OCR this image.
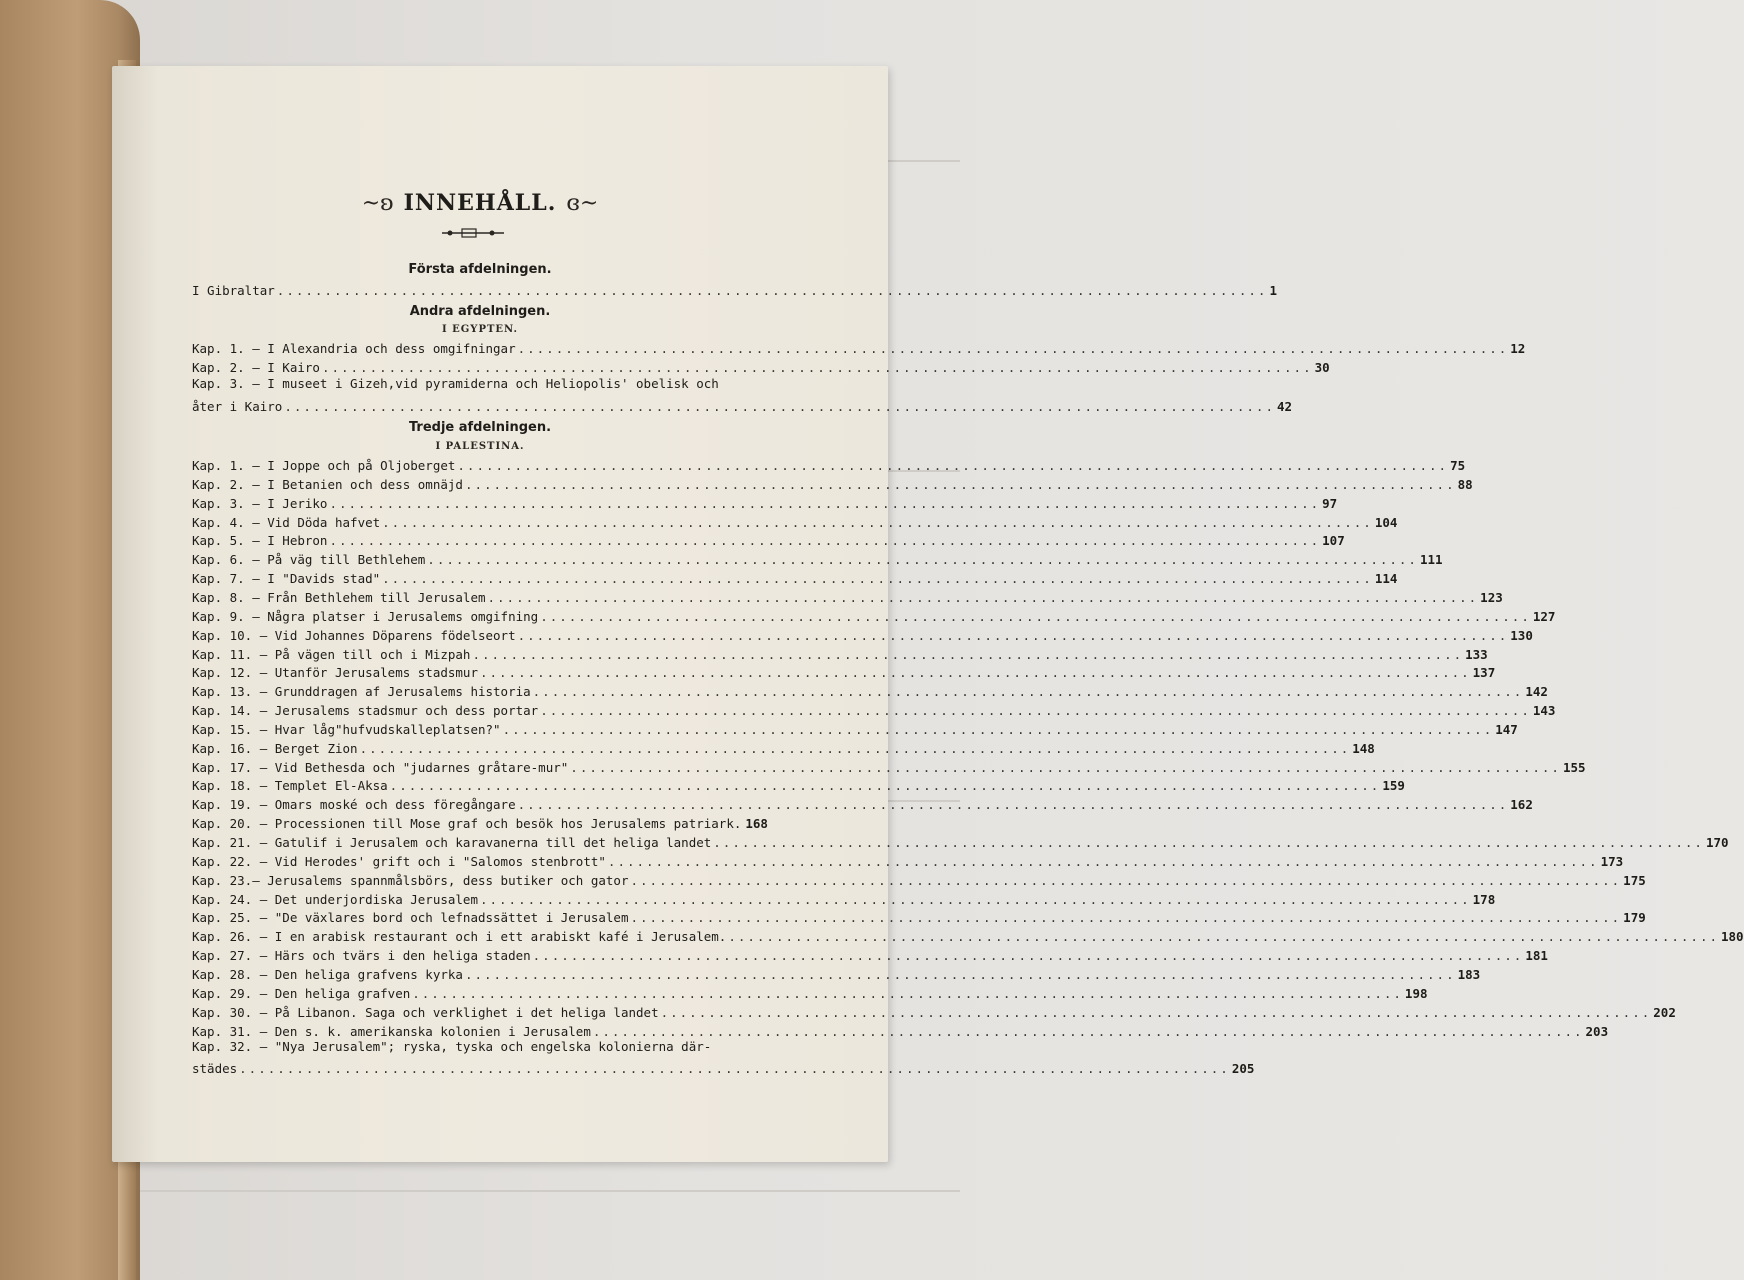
~ʚ INNEHÅLL. ɞ~
Första afdelningen.
I Gibraltar ........................................................................................................ 1
Andra afdelningen.
I EGYPTEN.
Kap. 1. — I Alexandria och dess omgifningar ........................................................................................................ 12
Kap. 2. — I Kairo ........................................................................................................ 30
Kap. 3. — I museet i Gizeh,vid pyramiderna och Heliopolis' obelisk och
åter i Kairo ........................................................................................................ 42
Tredje afdelningen.
I PALESTINA.
Kap. 1. — I Joppe och på Oljoberget ........................................................................................................ 75
Kap. 2. — I Betanien och dess omnäjd ........................................................................................................ 88
Kap. 3. — I Jeriko ........................................................................................................ 97
Kap. 4. — Vid Döda hafvet ........................................................................................................ 104
Kap. 5. — I Hebron ........................................................................................................ 107
Kap. 6. — På väg till Bethlehem ........................................................................................................ 111
Kap. 7. — I "Davids stad" ........................................................................................................ 114
Kap. 8. — Från Bethlehem till Jerusalem ........................................................................................................ 123
Kap. 9. — Några platser i Jerusalems omgifning ........................................................................................................ 127
Kap. 10. — Vid Johannes Döparens födelseort ........................................................................................................ 130
Kap. 11. — På vägen till och i Mizpah ........................................................................................................ 133
Kap. 12. — Utanför Jerusalems stadsmur ........................................................................................................ 137
Kap. 13. — Grunddragen af Jerusalems historia ........................................................................................................ 142
Kap. 14. — Jerusalems stadsmur och dess portar ........................................................................................................ 143
Kap. 15. — Hvar låg"hufvudskalleplatsen?" ........................................................................................................ 147
Kap. 16. — Berget Zion ........................................................................................................ 148
Kap. 17. — Vid Bethesda och "judarnes gråtare-mur" ........................................................................................................ 155
Kap. 18. — Templet El-Aksa ........................................................................................................ 159
Kap. 19. — Omars moské och dess föregångare ........................................................................................................ 162
Kap. 20. — Processionen till Mose graf och besök hos Jerusalems patriark. 168
Kap. 21. — Gatulif i Jerusalem och karavanerna till det heliga landet ........................................................................................................ 170
Kap. 22. — Vid Herodes' grift och i "Salomos stenbrott" ........................................................................................................ 173
Kap. 23.— Jerusalems spannmålsbörs, dess butiker och gator ........................................................................................................ 175
Kap. 24. — Det underjordiska Jerusalem ........................................................................................................ 178
Kap. 25. — "De växlares bord och lefnadssättet i Jerusalem ........................................................................................................ 179
Kap. 26. — I en arabisk restaurant och i ett arabiskt kafé i Jerusalem. ........................................................................................................ 180
Kap. 27. — Härs och tvärs i den heliga staden ........................................................................................................ 181
Kap. 28. — Den heliga grafvens kyrka ........................................................................................................ 183
Kap. 29. — Den heliga grafven ........................................................................................................ 198
Kap. 30. — På Libanon. Saga och verklighet i det heliga landet ........................................................................................................ 202
Kap. 31. — Den s. k. amerikanska kolonien i Jerusalem ........................................................................................................ 203
Kap. 32. — "Nya Jerusalem"; ryska, tyska och engelska kolonierna där-
städes ........................................................................................................ 205
